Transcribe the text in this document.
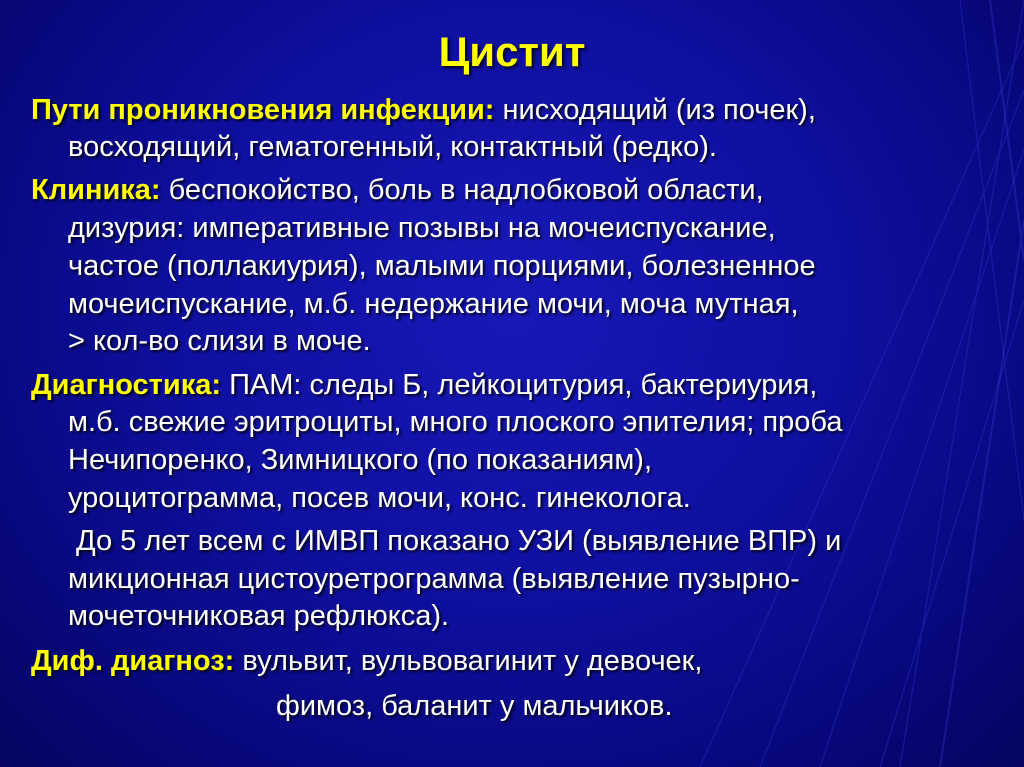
Цистит

Пути проникновения инфекции: нисходящий (из почек),

восходящий, гематогенный, контактный (редко).

Клиника: беспокойство, боль в надлобковой области,

дизурия: императивные позывы на мочеиспускание,

частое (поллакиурия), малыми порциями, болезненное

мочеиспускание, м.б. недержание мочи, моча мутная,

> кол-во слизи в моче.

Диагностика: ПАМ: следы Б, лейкоцитурия, бактериурия,

м.б. свежие эритроциты, много плоского эпителия; проба

Нечипоренко, Зимницкого (по показаниям),

уроцитограмма, посев мочи, конс. гинеколога.

До 5 лет всем с ИМВП показано УЗИ (выявление ВПР) и

микционная цистоуретрограмма (выявление пузырно-

мочеточниковая рефлюкса).

Диф. диагноз: вульвит, вульвовагинит у девочек,

фимоз, баланит у мальчиков.
